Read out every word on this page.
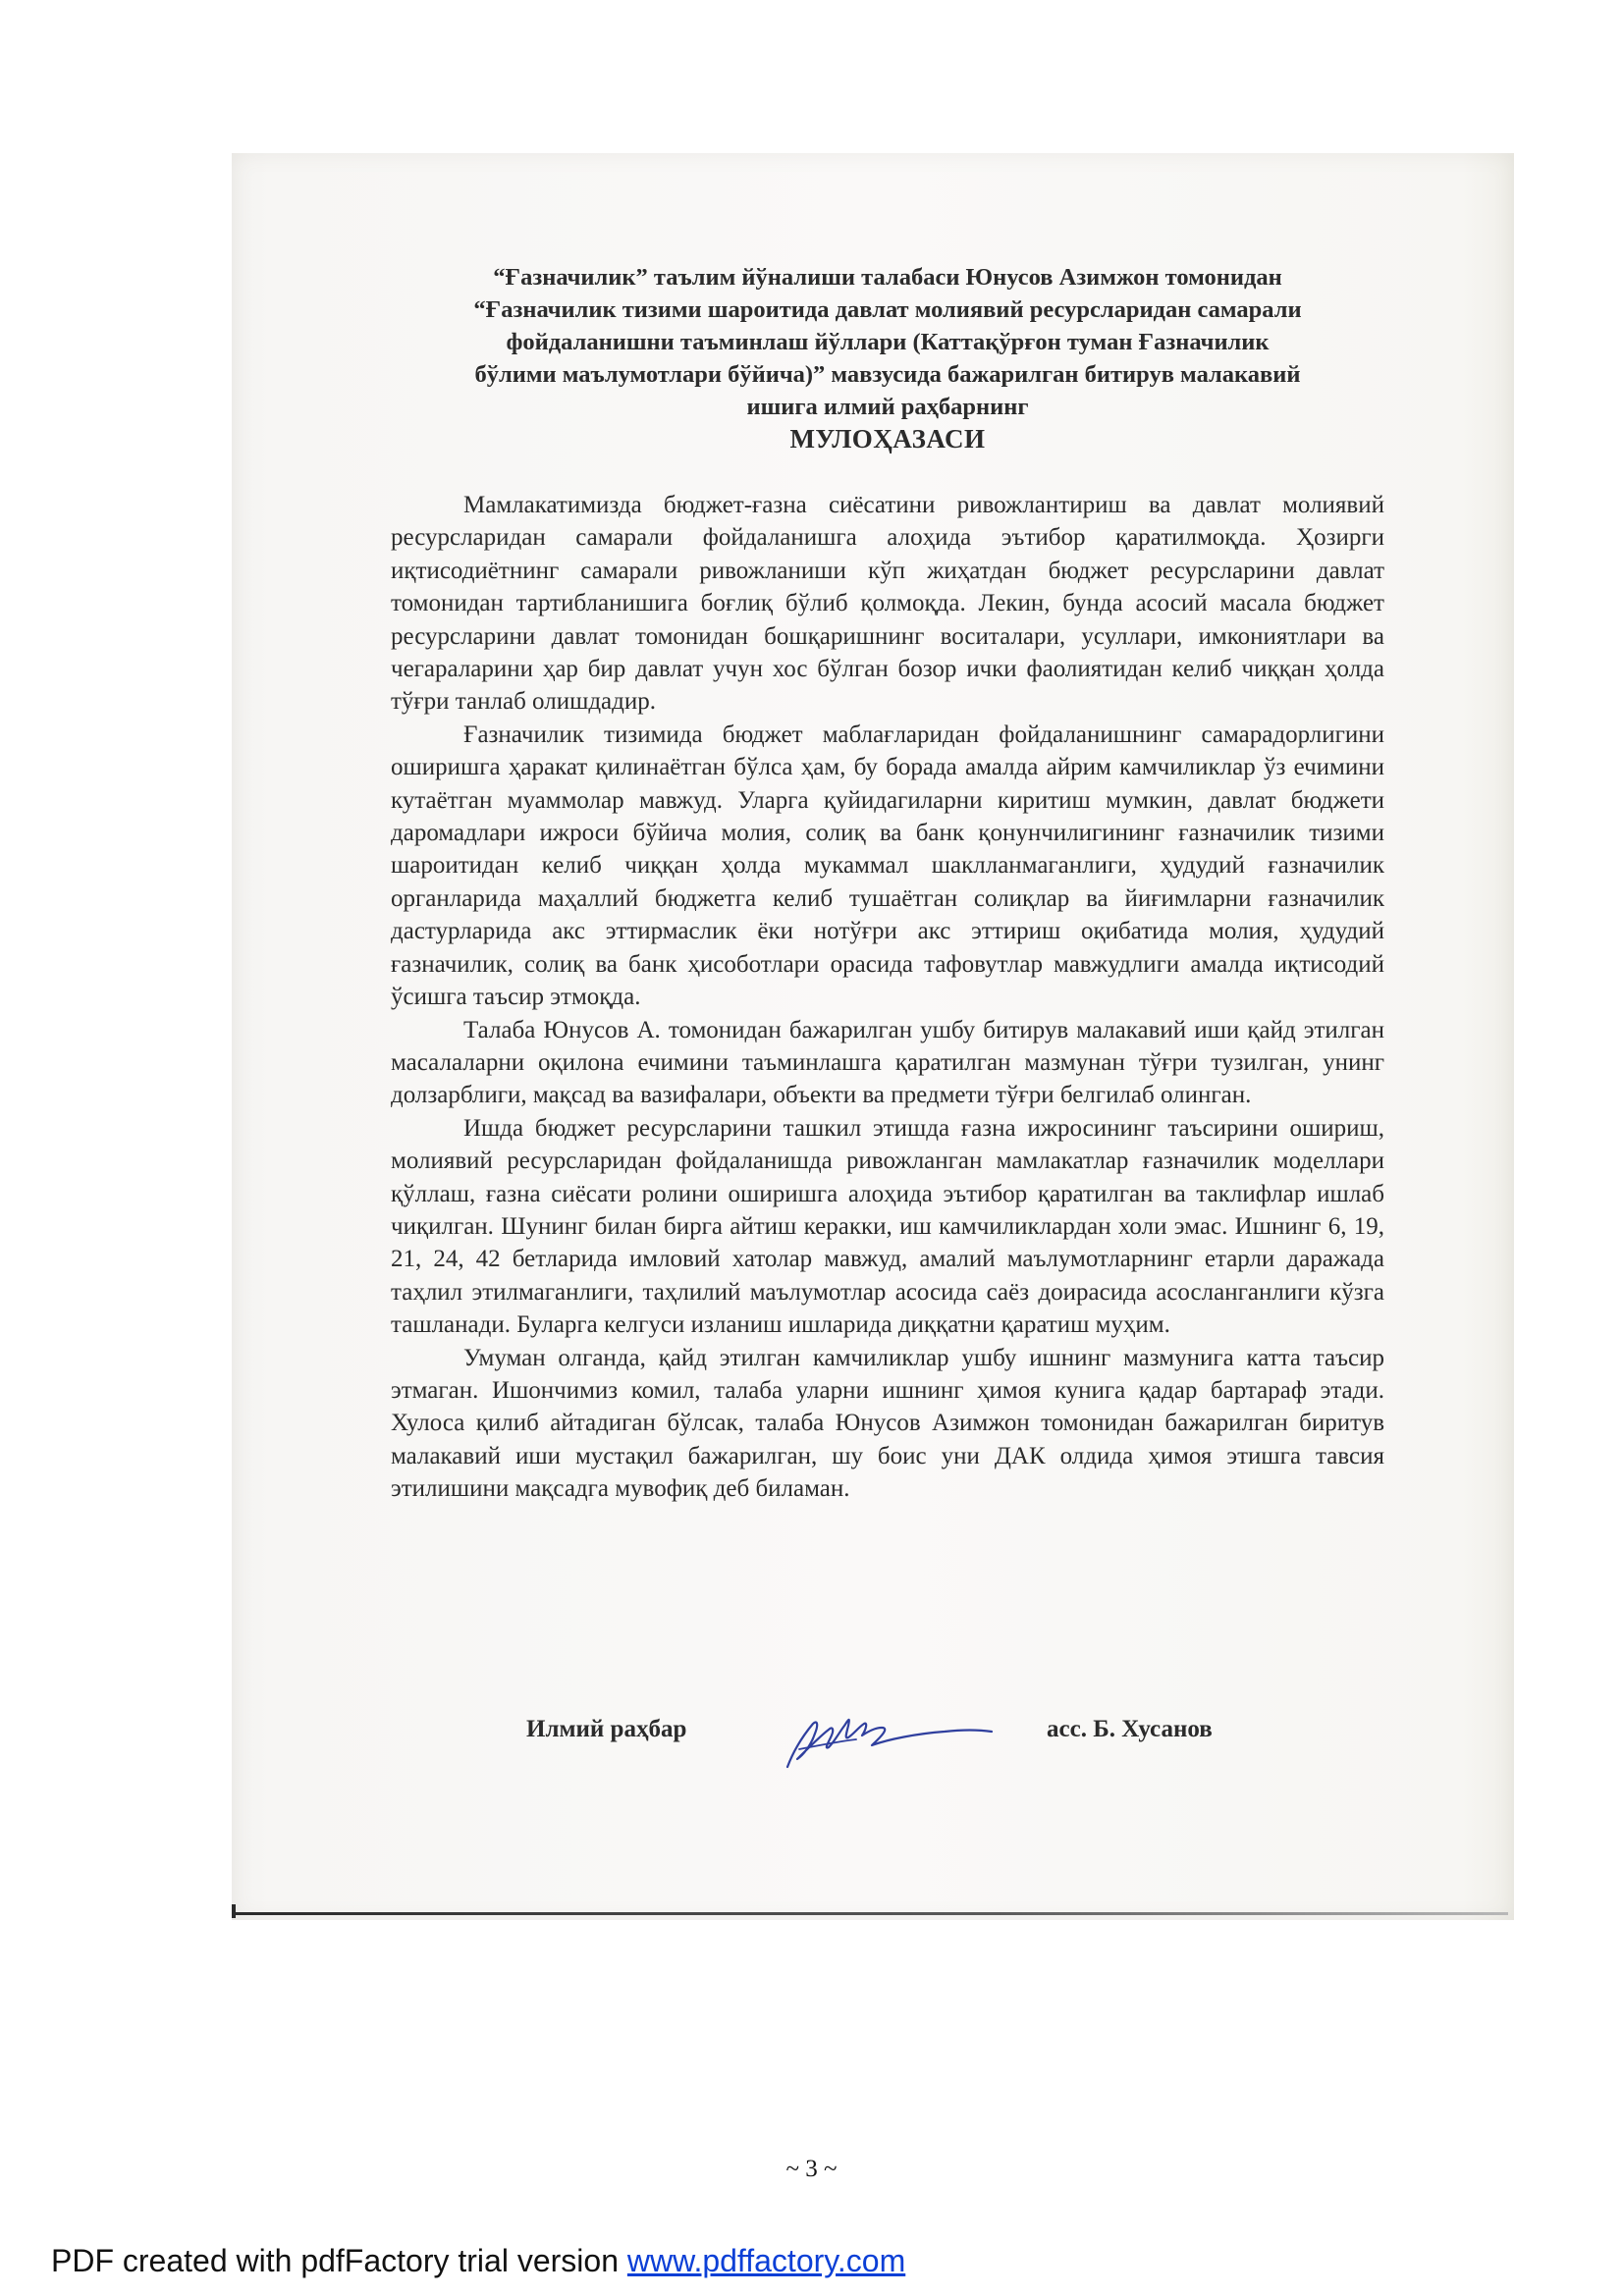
“Ғазначилик” таълим йўналиши талабаси Юнусов Азимжон томонидан

“Ғазначилик тизими шароитида давлат молиявий ресурсларидан самарали

фойдаланишни таъминлаш йўллари (Каттақўрғон туман Ғазначилик

бўлими маълумотлари бўйича)” мавзусида бажарилган битирув малакавий

ишига илмий раҳбарнинг

МУЛОҲАЗАСИ

Мамлакатимизда бюджет-ғазна сиёсатини ривожлантириш ва давлат молиявий ресурсларидан самарали фойдаланишга алоҳида эътибор қаратилмоқда. Ҳозирги иқтисодиётнинг самарали ривожланиши кўп жиҳатдан бюджет ресурсларини давлат томонидан тартибланишига боғлиқ бўлиб қолмоқда. Лекин, бунда асосий масала бюджет ресурсларини давлат томонидан бошқаришнинг воситалари, усуллари, имкониятлари ва чегараларини ҳар бир давлат учун хос бўлган бозор ички фаолиятидан келиб чиққан ҳолда тўғри танлаб олишдадир.

Ғазначилик тизимида бюджет маблағларидан фойдаланишнинг самарадорлигини оширишга ҳаракат қилинаётган бўлса ҳам, бу борада амалда айрим камчиликлар ўз ечимини кутаётган муаммолар мавжуд. Уларга қуйидагиларни киритиш мумкин, давлат бюджети даромадлари ижроси бўйича молия, солиқ ва банк қонунчилигининг ғазначилик тизими шароитидан келиб чиққан ҳолда мукаммал шаклланмаганлиги, ҳудудий ғазначилик органларида маҳаллий бюджетга келиб тушаётган солиқлар ва йиғимларни ғазначилик дастурларида акс эттирмаслик ёки нотўғри акс эттириш оқибатида молия, ҳудудий ғазначилик, солиқ ва банк ҳисоботлари орасида тафовутлар мавжудлиги амалда иқтисодий ўсишга таъсир этмоқда.

Талаба Юнусов А. томонидан бажарилган ушбу битирув малакавий иши қайд этилган масалаларни оқилона ечимини таъминлашга қаратилган мазмунан тўғри тузилган, унинг долзарблиги, мақсад ва вазифалари, объекти ва предмети тўғри белгилаб олинган.

Ишда бюджет ресурсларини ташкил этишда ғазна ижросининг таъсирини ошириш, молиявий ресурсларидан фойдаланишда ривожланган мамлакатлар ғазначилик моделлари қўллаш, ғазна сиёсати ролини оширишга алоҳида эътибор қаратилган ва таклифлар ишлаб чиқилган. Шунинг билан бирга айтиш керакки, иш камчиликлардан холи эмас. Ишнинг 6, 19, 21, 24, 42 бетларида имловий хатолар мавжуд, амалий маълумотларнинг етарли даражада таҳлил этилмаганлиги, таҳлилий маълумотлар асосида саёз доирасида асосланганлиги кўзга ташланади. Буларга келгуси изланиш ишларида диққатни қаратиш муҳим.

Умуман олганда, қайд этилган камчиликлар ушбу ишнинг мазмунига катта таъсир этмаган. Ишончимиз комил, талаба уларни ишнинг ҳимоя кунига қадар бартараф этади. Хулоса қилиб айтадиган бўлсак, талаба Юнусов Азимжон томонидан бажарилган биритув малакавий иши мустақил бажарилган, шу боис уни ДАК олдида ҳимоя этишга тавсия этилишини мақсадга мувофиқ деб биламан.

Илмий раҳбар	асс. Б. Хусанов
~ 3 ~
PDF created with pdfFactory trial version www.pdffactory.com
